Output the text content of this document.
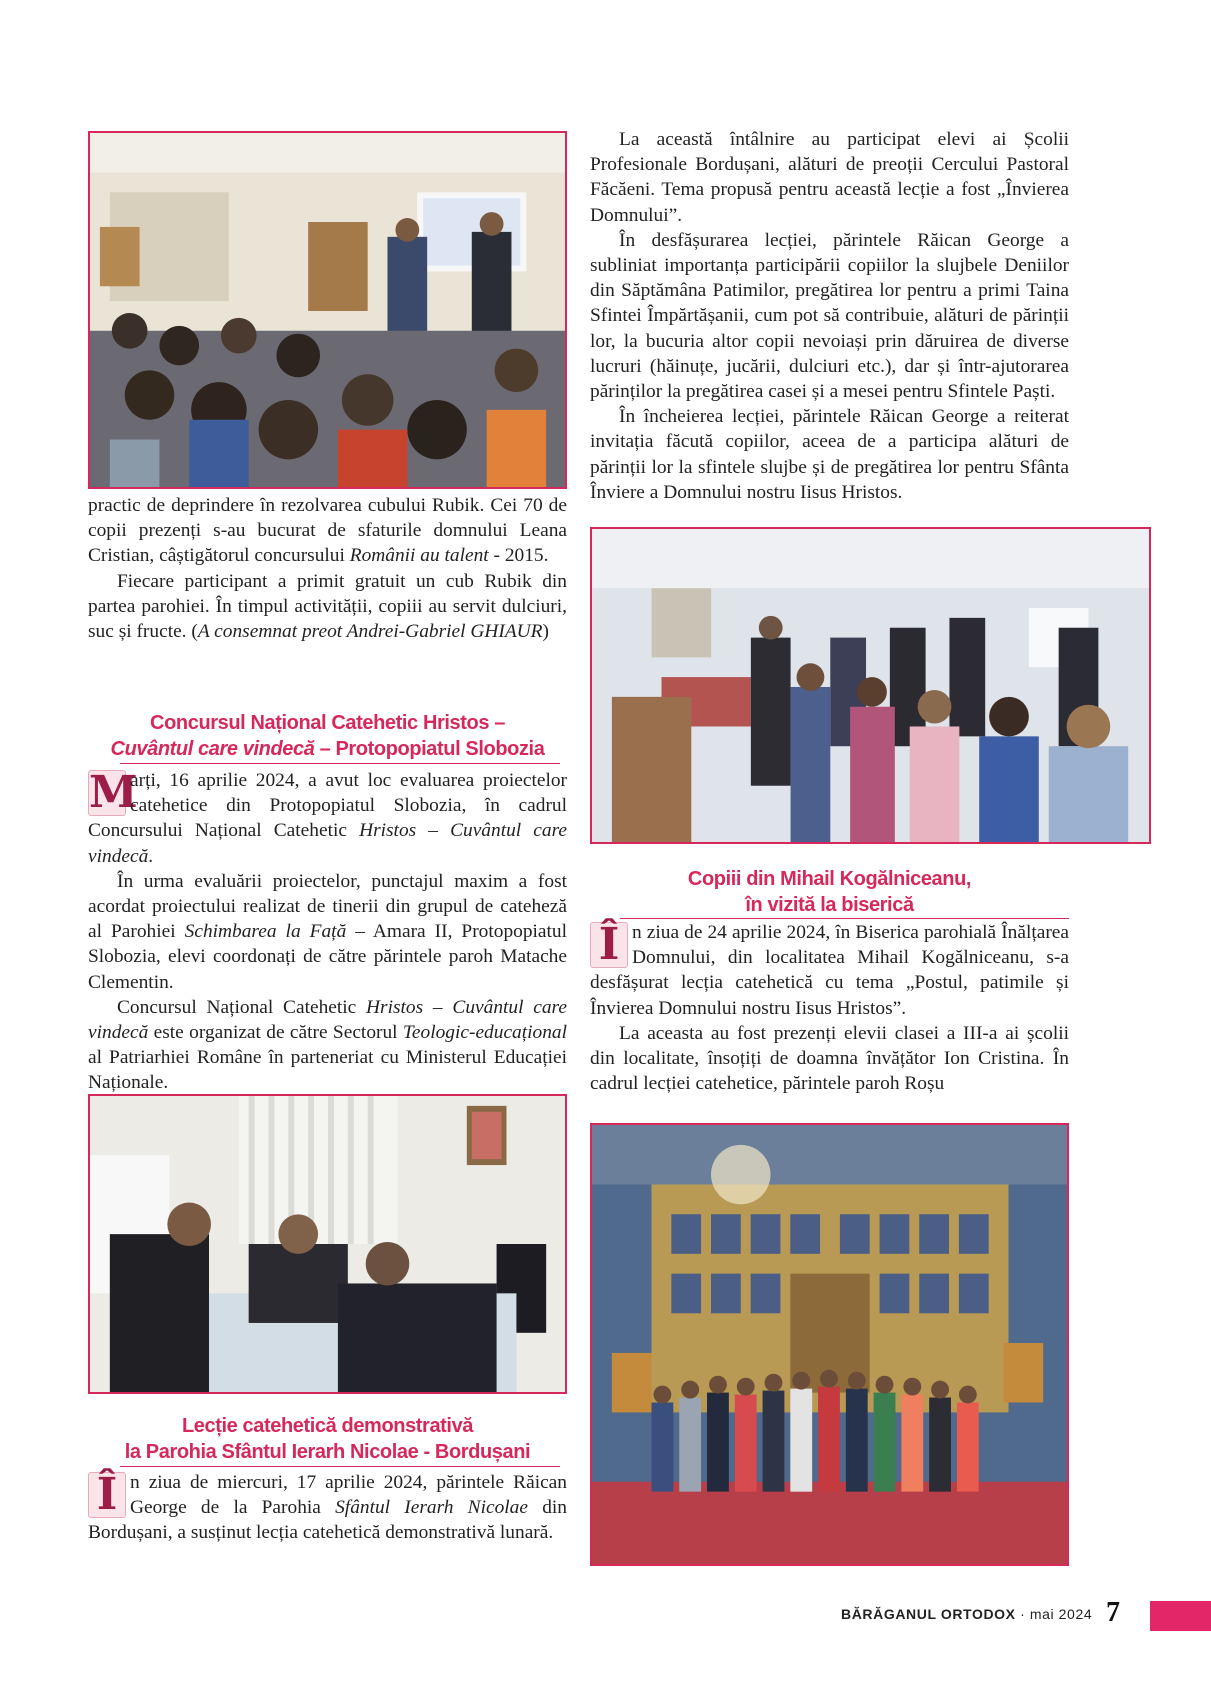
practic de deprindere în rezolvarea cubului Rubik. Cei 70 de copii prezenți s-au bucurat de sfaturile domnului Leana Cristian, câștigătorul concursului Românii au talent - 2015.

Fiecare participant a primit gratuit un cub Rubik din partea parohiei. În timpul activității, copiii au servit dulciuri, suc și fructe. (A consemnat preot Andrei-Gabriel GHIAUR)

Concursul Național Catehetic Hristos –
Cuvântul care vindecă – Protopopiatul Slobozia

M
arți, 16 aprilie 2024, a avut loc evaluarea proiectelor catehetice din Protopopiatul Slobozia, în cadrul Concursului Național Catehetic Hristos – Cuvântul care vindecă.

În urma evaluării proiectelor, punctajul maxim a fost acordat proiectului realizat de tinerii din grupul de cateheză al Parohiei Schimbarea la Față – Amara II, Protopopiatul Slobozia, elevi coordonați de către părintele paroh Matache Clementin.

Concursul Național Catehetic Hristos – Cuvântul care vindecă este organizat de către Sectorul Teologic-educațional al Patriarhiei Române în parteneriat cu Ministerul Educației Naționale.

Lecție catehetică demonstrativă
la Parohia Sfântul Ierarh Nicolae - Bordușani

Î n ziua de miercuri, 17 aprilie 2024, părintele Răican George de la Parohia Sfântul Ierarh Nicolae din Bordușani, a susținut lecția catehetică demonstrativă lunară.

La această întâlnire au participat elevi ai Școlii Profesionale Bordușani, alături de preoții Cercului Pastoral Făcăeni. Tema propusă pentru această lecție a fost „Învierea Domnului”.

În desfășurarea lecției, părintele Răican George a subliniat importanța participării copiilor la slujbele Deniilor din Săptămâna Patimilor, pregătirea lor pentru a primi Taina Sfintei Împărtășanii, cum pot să contribuie, alături de părinții lor, la bucuria altor copii nevoiași prin dăruirea de diverse lucruri (hăinuțe, jucării, dulciuri etc.), dar și într-ajutorarea părinților la pregătirea casei și a mesei pentru Sfintele Paști.

În încheierea lecției, părintele Răican George a reiterat invitația făcută copiilor, aceea de a participa alături de părinții lor la sfintele slujbe și de pregătirea lor pentru Sfânta Înviere a Domnului nostru Iisus Hristos.

Copiii din Mihail Kogălniceanu,
în vizită la biserică

Î n ziua de 24 aprilie 2024, în Biserica parohială Înălțarea Domnului, din localitatea Mihail Kogălniceanu, s-a desfășurat lecția catehetică cu tema „Postul, patimile și Învierea Domnului nostru Iisus Hristos”.

La aceasta au fost prezenți elevii clasei a III-a ai școlii din localitate, însoțiți de doamna învățător Ion Cristina. În cadrul lecției catehetice, părintele paroh Roșu

BĂRĂGANUL ORTODOX · mai 2024 7
